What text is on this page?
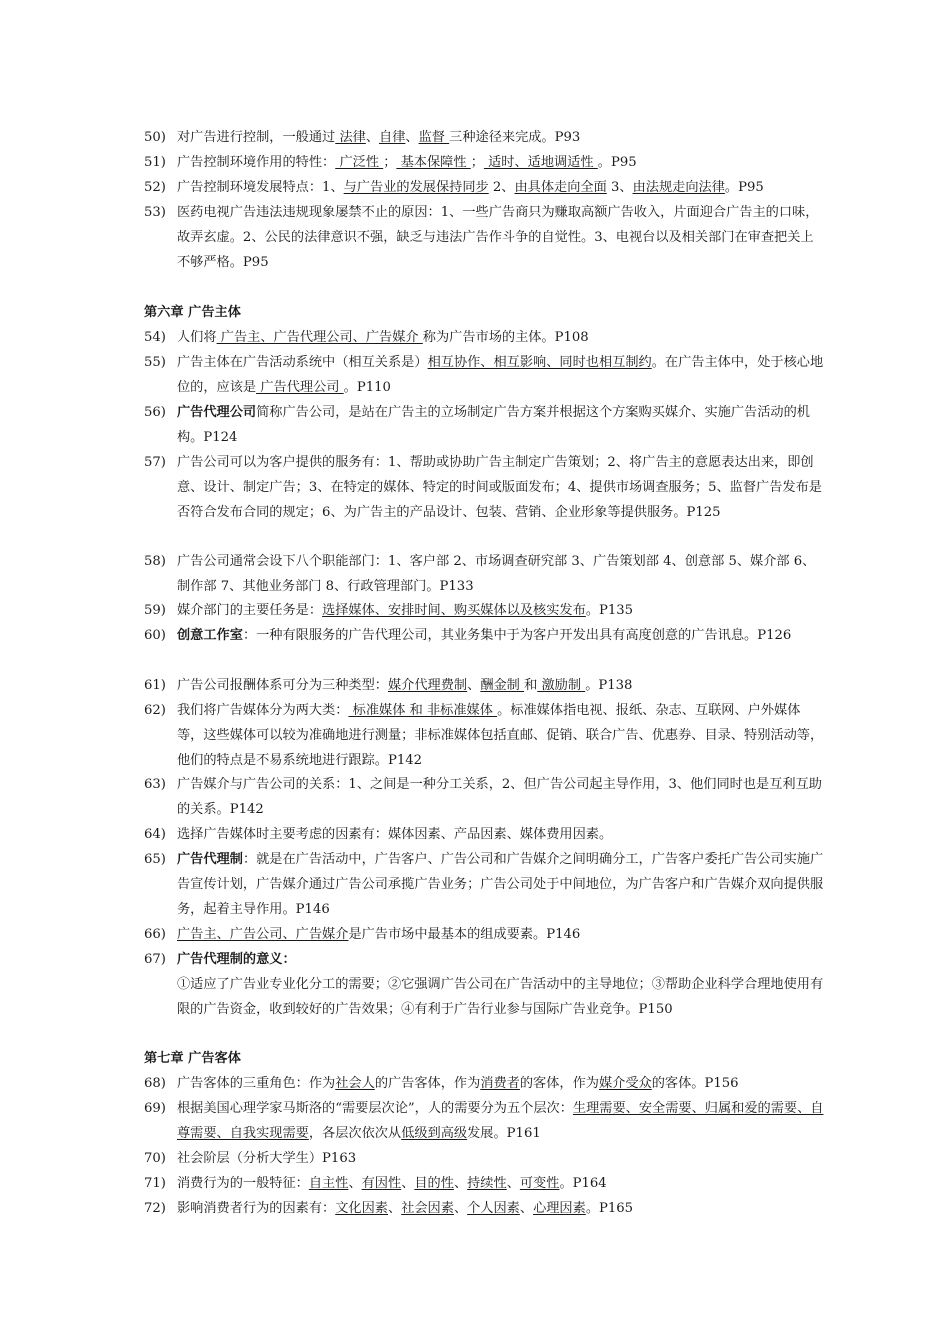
50) 对广告进行控制，一般通过 法律、自律、监督 三种途径来完成。P93
51) 广告控制环境作用的特性： 广泛性 ； 基本保障性 ； 适时、适地调适性 。P95
52) 广告控制环境发展特点：1、与广告业的发展保持同步 2、由具体走向全面 3、由法规走向法律。P95
53) 医药电视广告违法违规现象屡禁不止的原因：1、一些广告商只为赚取高额广告收入，片面迎合广告主的口味，故弄玄虚。2、公民的法律意识不强，缺乏与违法广告作斗争的自觉性。3、电视台以及相关部门在审查把关上不够严格。P95
第六章 广告主体
54) 人们将 广告主、广告代理公司、广告媒介 称为广告市场的主体。P108
55) 广告主体在广告活动系统中（相互关系是）相互协作、相互影响、同时也相互制约。在广告主体中，处于核心地位的，应该是 广告代理公司 。P110
56) 广告代理公司简称广告公司，是站在广告主的立场制定广告方案并根据这个方案购买媒介、实施广告活动的机构。P124
57) 广告公司可以为客户提供的服务有：1、帮助或协助广告主制定广告策划；2、将广告主的意愿表达出来，即创意、设计、制定广告；3、在特定的媒体、特定的时间或版面发布；4、提供市场调查服务；5、监督广告发布是否符合发布合同的规定；6、为广告主的产品设计、包装、营销、企业形象等提供服务。P125
58) 广告公司通常会设下八个职能部门：1、客户部 2、市场调查研究部 3、广告策划部 4、创意部 5、媒介部 6、制作部 7、其他业务部门 8、行政管理部门。P133
59) 媒介部门的主要任务是：选择媒体、安排时间、购买媒体以及核实发布。P135
60) 创意工作室：一种有限服务的广告代理公司，其业务集中于为客户开发出具有高度创意的广告讯息。P126
61) 广告公司报酬体系可分为三种类型：媒介代理费制、酬金制 和 激励制 。P138
62) 我们将广告媒体分为两大类： 标准媒体 和 非标准媒体 。标准媒体指电视、报纸、杂志、互联网、户外媒体等，这些媒体可以较为准确地进行测量；非标准媒体包括直邮、促销、联合广告、优惠券、目录、特别活动等，他们的特点是不易系统地进行跟踪。P142
63) 广告媒介与广告公司的关系：1、之间是一种分工关系，2、但广告公司起主导作用，3、他们同时也是互利互助的关系。P142
64) 选择广告媒体时主要考虑的因素有：媒体因素、产品因素、媒体费用因素。
65) 广告代理制：就是在广告活动中，广告客户、广告公司和广告媒介之间明确分工，广告客户委托广告公司实施广告宣传计划，广告媒介通过广告公司承揽广告业务；广告公司处于中间地位，为广告客户和广告媒介双向提供服务，起着主导作用。P146
66) 广告主、广告公司、广告媒介是广告市场中最基本的组成要素。P146
67) 广告代理制的意义：
①适应了广告业专业化分工的需要；②它强调广告公司在广告活动中的主导地位；③帮助企业科学合理地使用有限的广告资金，收到较好的广告效果；④有利于广告行业参与国际广告业竞争。P150
第七章 广告客体
68) 广告客体的三重角色：作为社会人的广告客体，作为消费者的客体，作为媒介受众的客体。P156
69) 根据美国心理学家马斯洛的“需要层次论”，人的需要分为五个层次：生理需要、安全需要、归属和爱的需要、自尊需要、自我实现需要，各层次依次从低级到高级发展。P161
70) 社会阶层（分析大学生）P163
71) 消费行为的一般特征：自主性、有因性、目的性、持续性、可变性。P164
72) 影响消费者行为的因素有：文化因素、社会因素、个人因素、心理因素。P165
